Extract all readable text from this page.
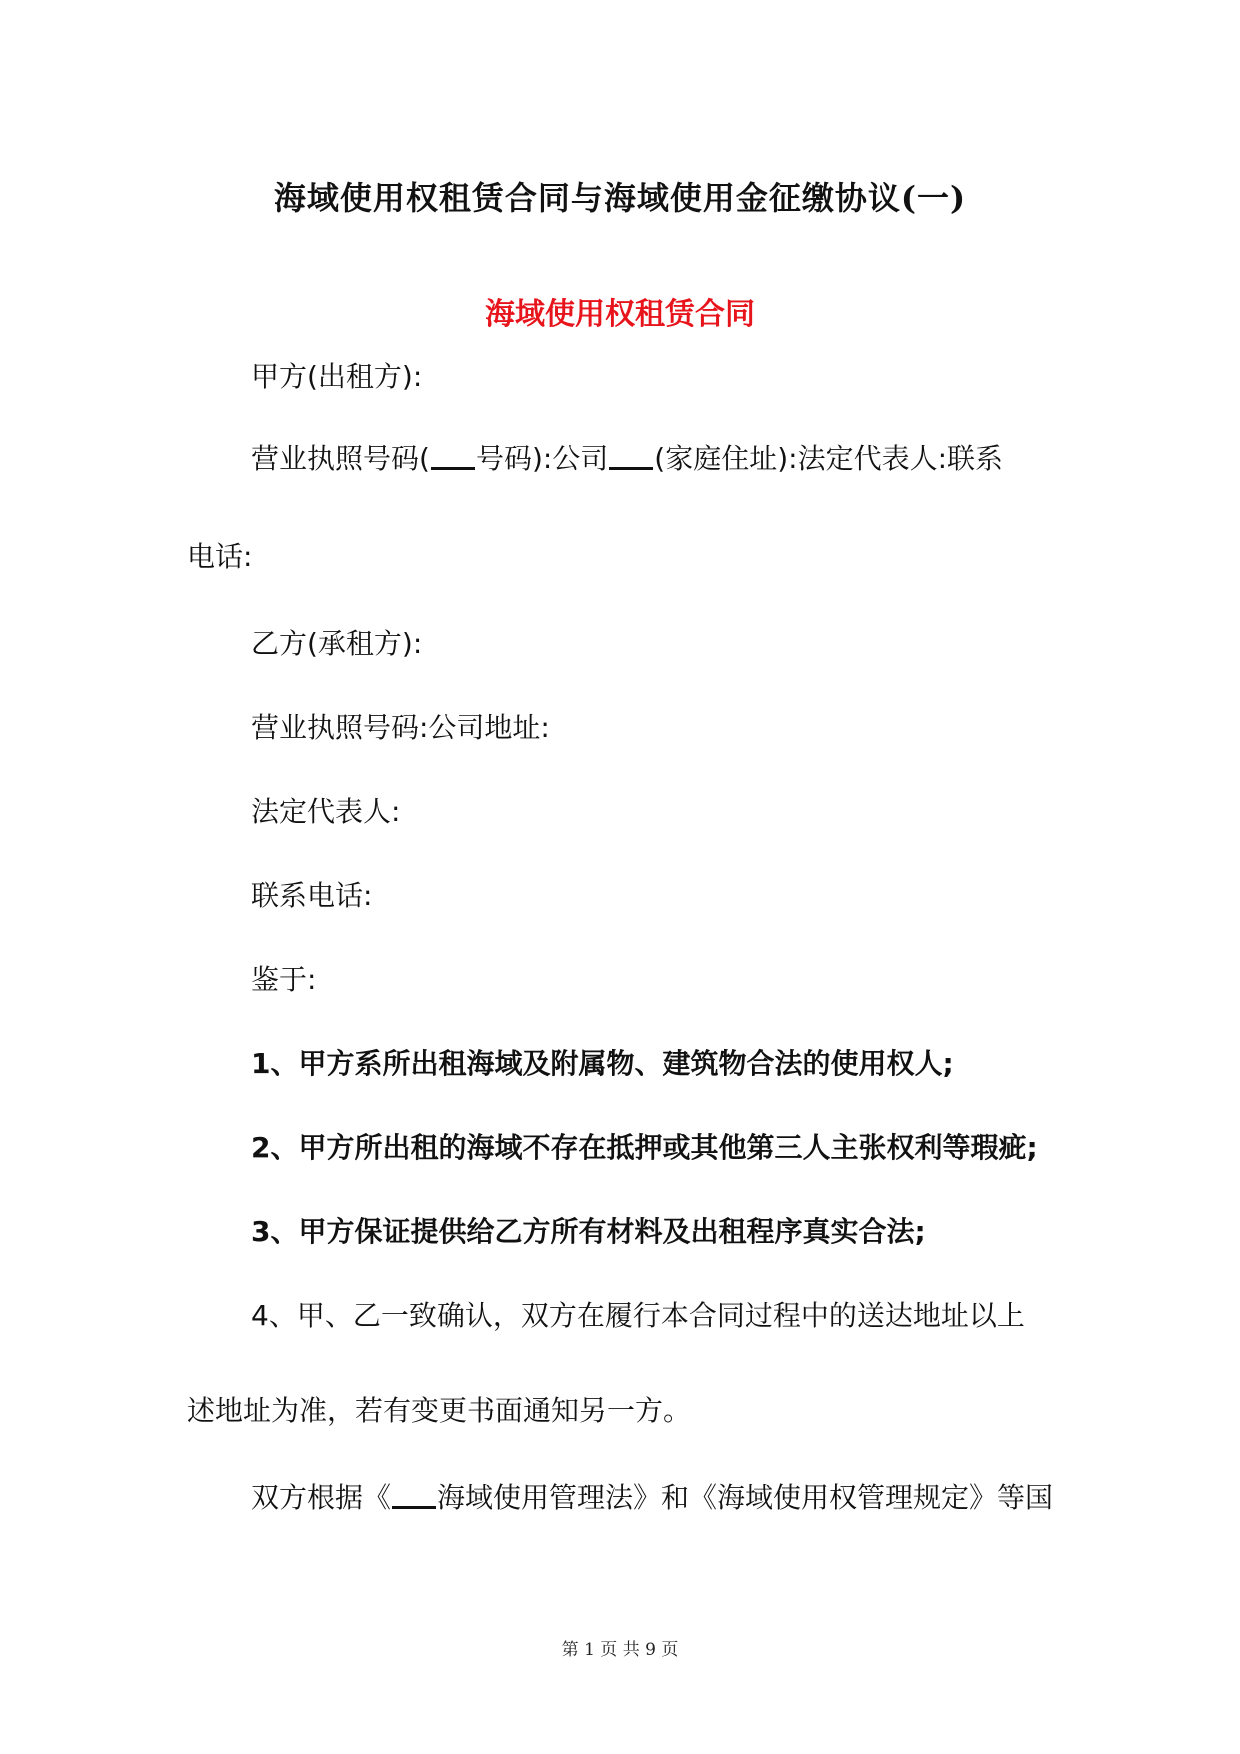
海域使用权租赁合同与海域使用金征缴协议(一)
海域使用权租赁合同

甲方(出租方):

营业执照号码( 号码):公司 (家庭住址):法定代表人:联系

电话:

乙方(承租方):

营业执照号码:公司地址:

法定代表人:

联系电话:

鉴于:

1、甲方系所出租海域及附属物、建筑物合法的使用权人;

2、甲方所出租的海域不存在抵押或其他第三人主张权利等瑕疵;

3、甲方保证提供给乙方所有材料及出租程序真实合法;

4、甲、乙一致确认，双方在履行本合同过程中的送达地址以上

述地址为准，若有变更书面通知另一方。

双方根据《 海域使用管理法》和《海域使用权管理规定》等国

第 1 页 共 9 页
